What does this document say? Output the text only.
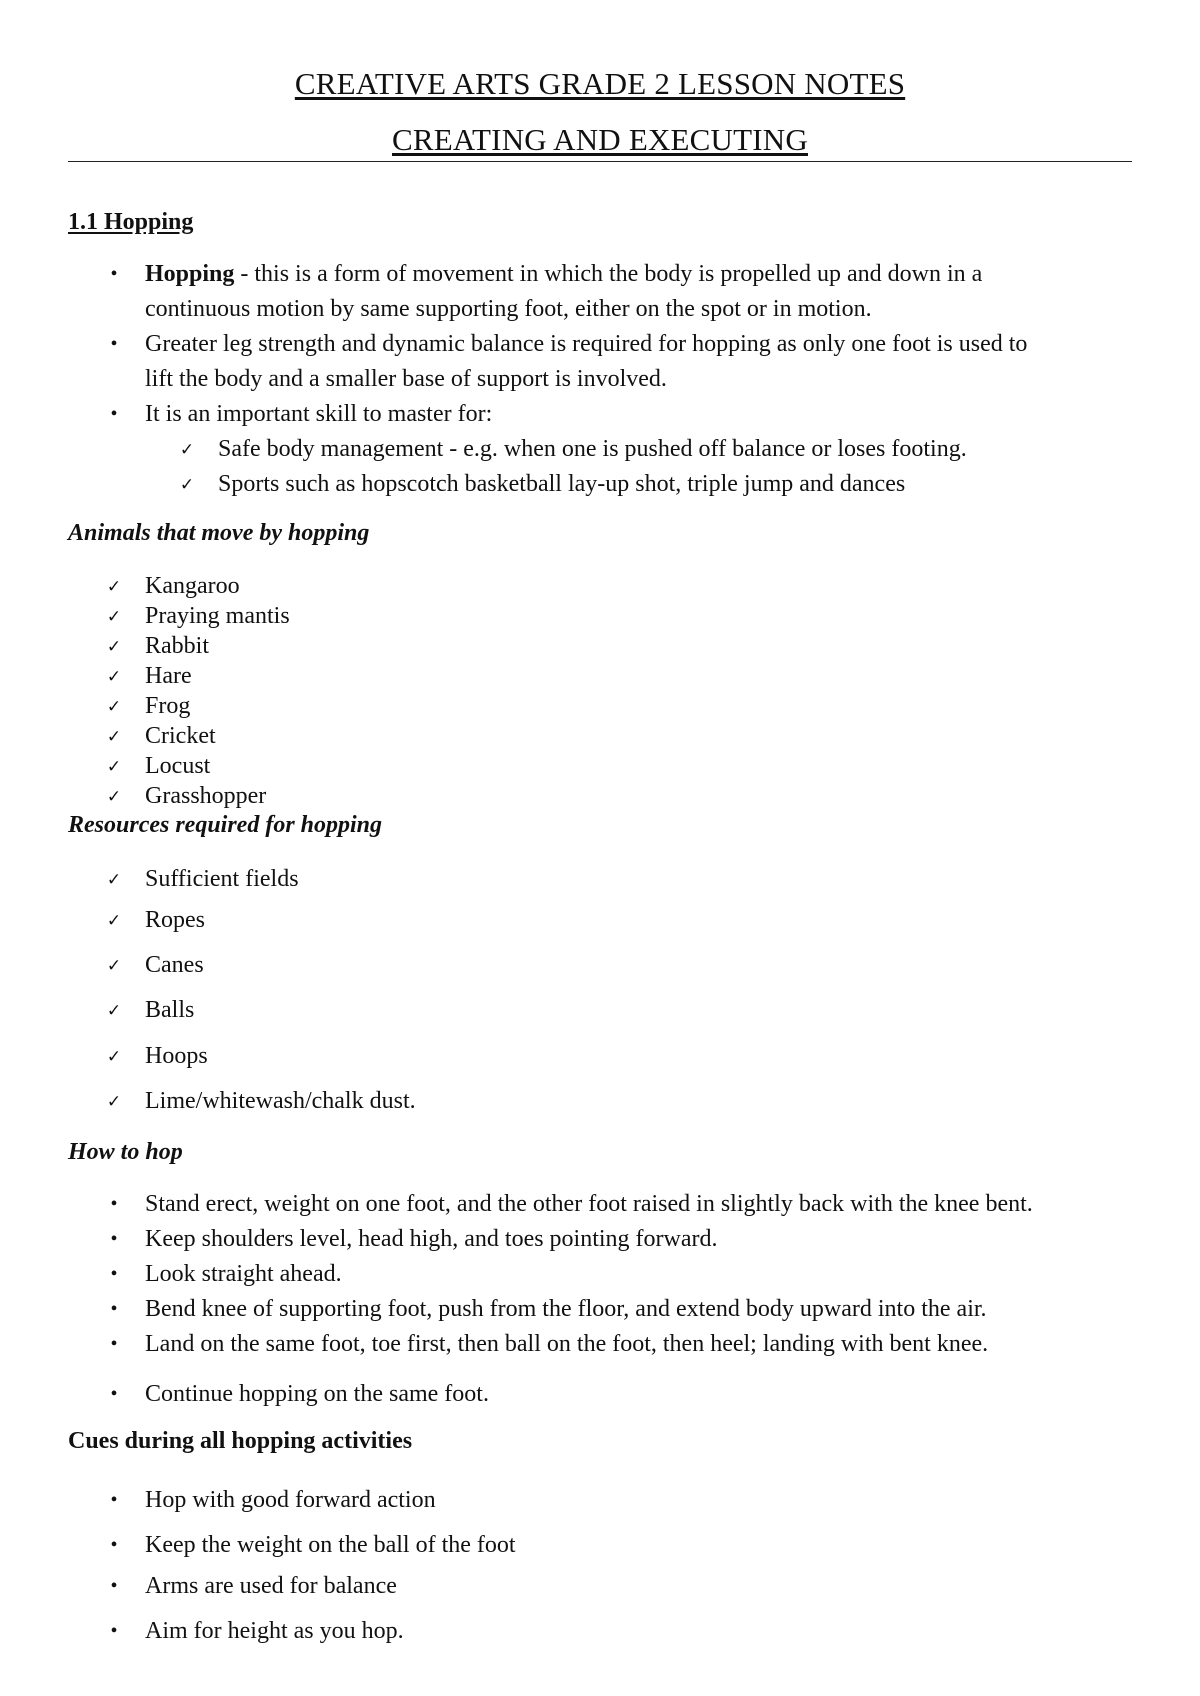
CREATIVE ARTS GRADE 2 LESSON NOTES
CREATING AND EXECUTING
1.1 Hopping
• Hopping - this is a form of movement in which the body is propelled up and down in a
continuous motion by same supporting foot, either on the spot or in motion.
• Greater leg strength and dynamic balance is required for hopping as only one foot is used to
lift the body and a smaller base of support is involved.
• It is an important skill to master for:
✓ Safe body management - e.g. when one is pushed off balance or loses footing.
✓ Sports such as hopscotch basketball lay-up shot, triple jump and dances
Animals that move by hopping
✓ Kangaroo
✓ Praying mantis
✓ Rabbit
✓ Hare
✓ Frog
✓ Cricket
✓ Locust
✓ Grasshopper
Resources required for hopping
✓ Sufficient fields
✓ Ropes
✓ Canes
✓ Balls
✓ Hoops
✓ Lime/whitewash/chalk dust.
How to hop
• Stand erect, weight on one foot, and the other foot raised in slightly back with the knee bent.
• Keep shoulders level, head high, and toes pointing forward.
• Look straight ahead.
• Bend knee of supporting foot, push from the floor, and extend body upward into the air.
• Land on the same foot, toe first, then ball on the foot, then heel; landing with bent knee.
• Continue hopping on the same foot.
Cues during all hopping activities
• Hop with good forward action
• Keep the weight on the ball of the foot
• Arms are used for balance
• Aim for height as you hop.
